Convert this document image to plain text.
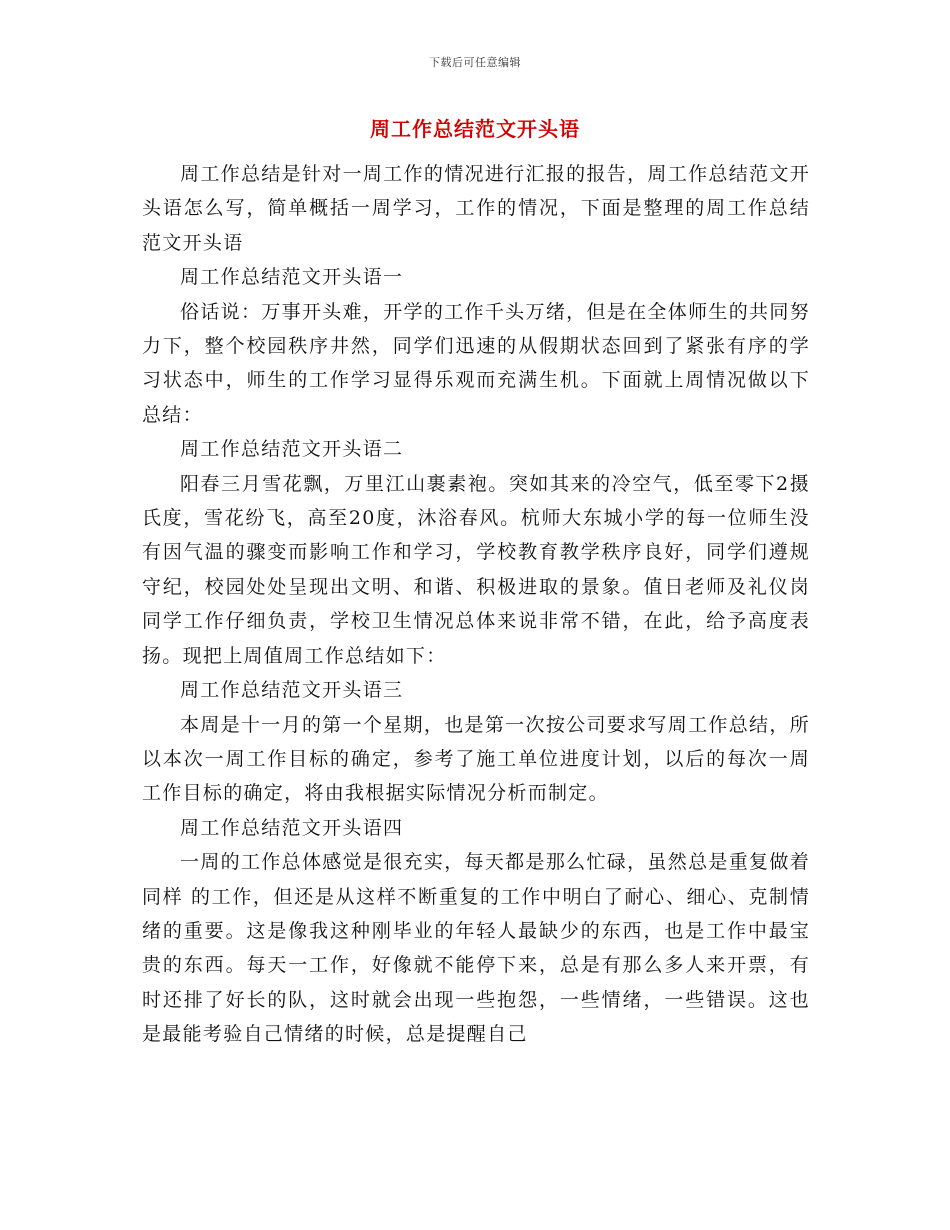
下载后可任意编辑
周工作总结范文开头语

周工作总结是针对一周工作的情况进行汇报的报告，周工作总结范文开头语怎么写，简单概括一周学习，工作的情况，下面是整理的周工作总结范文开头语

周工作总结范文开头语一

俗话说：万事开头难，开学的工作千头万绪，但是在全体师生的共同努力下，整个校园秩序井然，同学们迅速的从假期状态回到了紧张有序的学习状态中，师生的工作学习显得乐观而充满生机。下面就上周情况做以下总结：

周工作总结范文开头语二

阳春三月雪花飘，万里江山裹素袍。突如其来的冷空气，低至零下2摄氏度，雪花纷飞，高至20度，沐浴春风。杭师大东城小学的每一位师生没有因气温的骤变而影响工作和学习，学校教育教学秩序良好，同学们遵规守纪，校园处处呈现出文明、和谐、积极进取的景象。值日老师及礼仪岗同学工作仔细负责，学校卫生情况总体来说非常不错，在此，给予高度表扬。现把上周值周工作总结如下：

周工作总结范文开头语三

本周是十一月的第一个星期，也是第一次按公司要求写周工作总结，所以本次一周工作目标的确定，参考了施工单位进度计划，以后的每次一周工作目标的确定，将由我根据实际情况分析而制定。

周工作总结范文开头语四

一周的工作总体感觉是很充实，每天都是那么忙碌，虽然总是重复做着同样 的工作，但还是从这样不断重复的工作中明白了耐心、细心、克制情绪的重要。这是像我这种刚毕业的年轻人最缺少的东西，也是工作中最宝贵的东西。每天一工作，好像就不能停下来，总是有那么多人来开票，有时还排了好长的队，这时就会出现一些抱怨，一些情绪，一些错误。这也是最能考验自己情绪的时候，总是提醒自己
